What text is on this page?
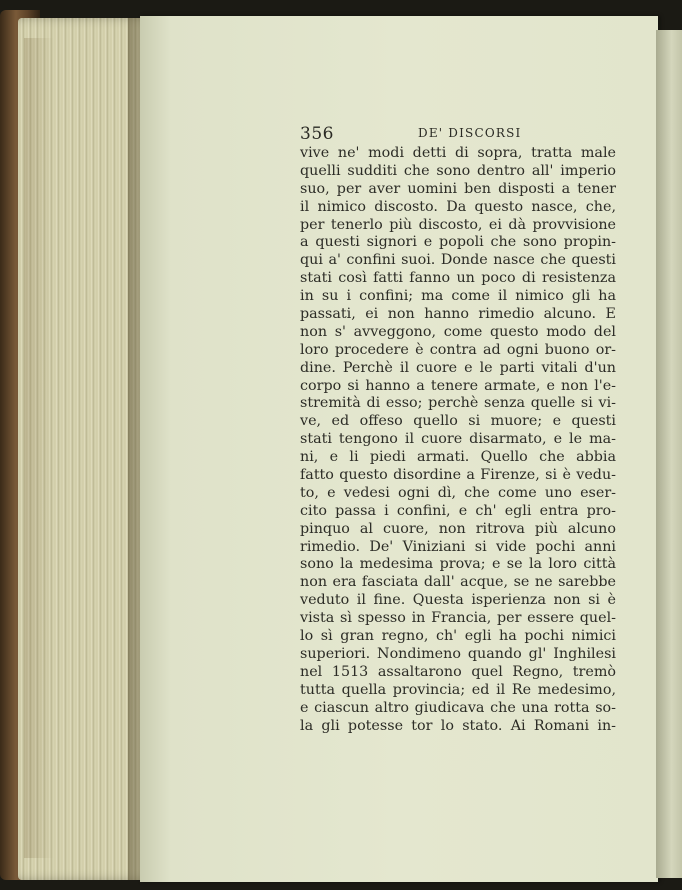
356	DE' DISCORSI
vive ne' modi detti di sopra, tratta male
quelli sudditi che sono dentro all' imperio
suo, per aver uomini ben disposti a tener
il nimico discosto. Da questo nasce, che,
per tenerlo più discosto, ei dà provvisione
a questi signori e popoli che sono propin-
qui a' confini suoi. Donde nasce che questi
stati così fatti fanno un poco di resistenza
in su i confini; ma come il nimico gli ha
passati, ei non hanno rimedio alcuno. E
non s' avveggono, come questo modo del
loro procedere è contra ad ogni buono or-
dine. Perchè il cuore e le parti vitali d'un
corpo si hanno a tenere armate, e non l'e-
stremità di esso; perchè senza quelle si vi-
ve, ed offeso quello si muore; e questi
stati tengono il cuore disarmato, e le ma-
ni, e li piedi armati. Quello che abbia
fatto questo disordine a Firenze, si è vedu-
to, e vedesi ogni dì, che come uno eser-
cito passa i confini, e ch' egli entra pro-
pinquo al cuore, non ritrova più alcuno
rimedio. De' Viniziani si vide pochi anni
sono la medesima prova; e se la loro città
non era fasciata dall' acque, se ne sarebbe
veduto il fine. Questa isperienza non si è
vista sì spesso in Francia, per essere quel-
lo sì gran regno, ch' egli ha pochi nimici
superiori. Nondimeno quando gl' Inghilesi
nel 1513 assaltarono quel Regno, tremò
tutta quella provincia; ed il Re medesimo,
e ciascun altro giudicava che una rotta so-
la gli potesse tor lo stato. Ai Romani in-
